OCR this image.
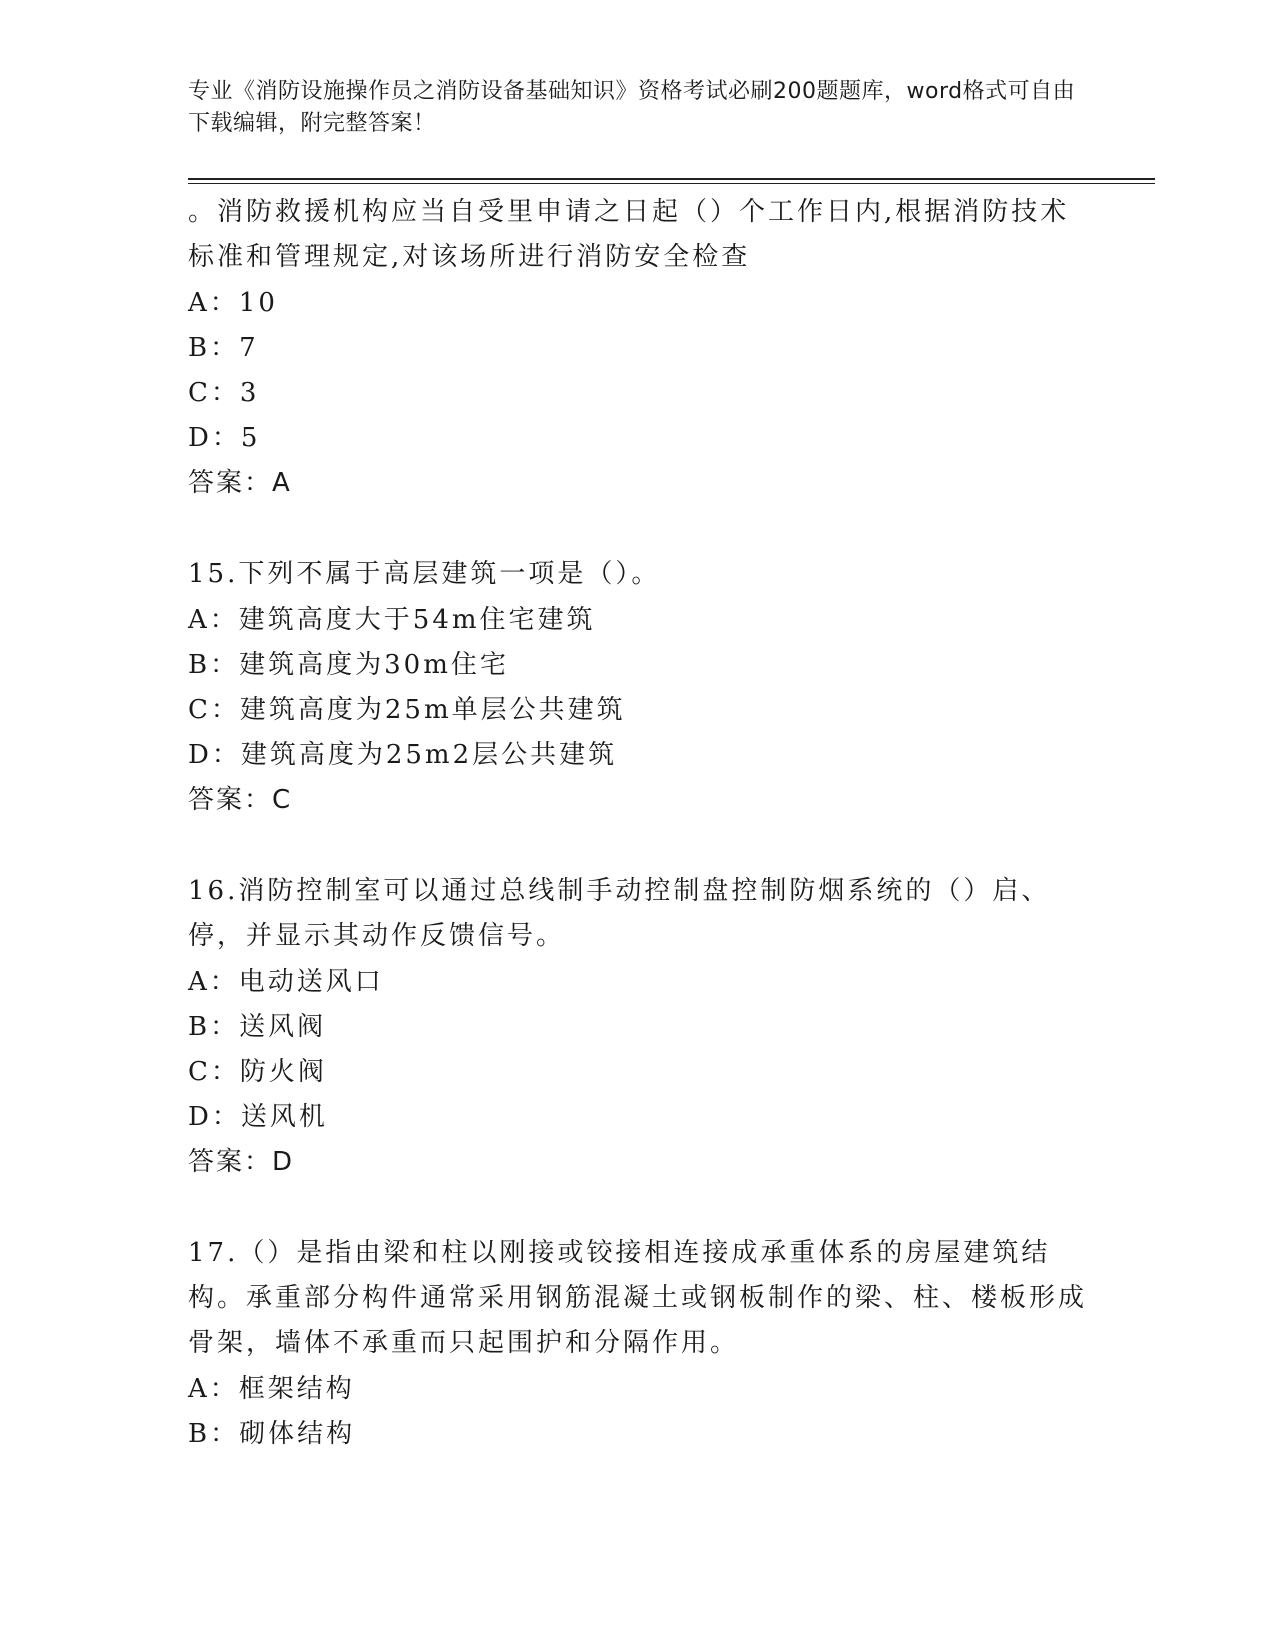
专业《消防设施操作员之消防设备基础知识》资格考试必刷200题题库，word格式可自由下载编辑，附完整答案！
。消防救援机构应当自受里申请之日起（）个工作日内,根据消防技术标准和管理规定,对该场所进行消防安全检查
A：10
B：7
C：3
D：5
答案：A
15.下列不属于高层建筑一项是（）。
A：建筑高度大于54m住宅建筑
B：建筑高度为30m住宅
C：建筑高度为25m单层公共建筑
D：建筑高度为25m2层公共建筑
答案：C
16.消防控制室可以通过总线制手动控制盘控制防烟系统的（）启、停，并显示其动作反馈信号。
A：电动送风口
B：送风阀
C：防火阀
D：送风机
答案：D
17.（）是指由梁和柱以刚接或铰接相连接成承重体系的房屋建筑结构。承重部分构件通常采用钢筋混凝土或钢板制作的梁、柱、楼板形成骨架，墙体不承重而只起围护和分隔作用。
A：框架结构
B：砌体结构
